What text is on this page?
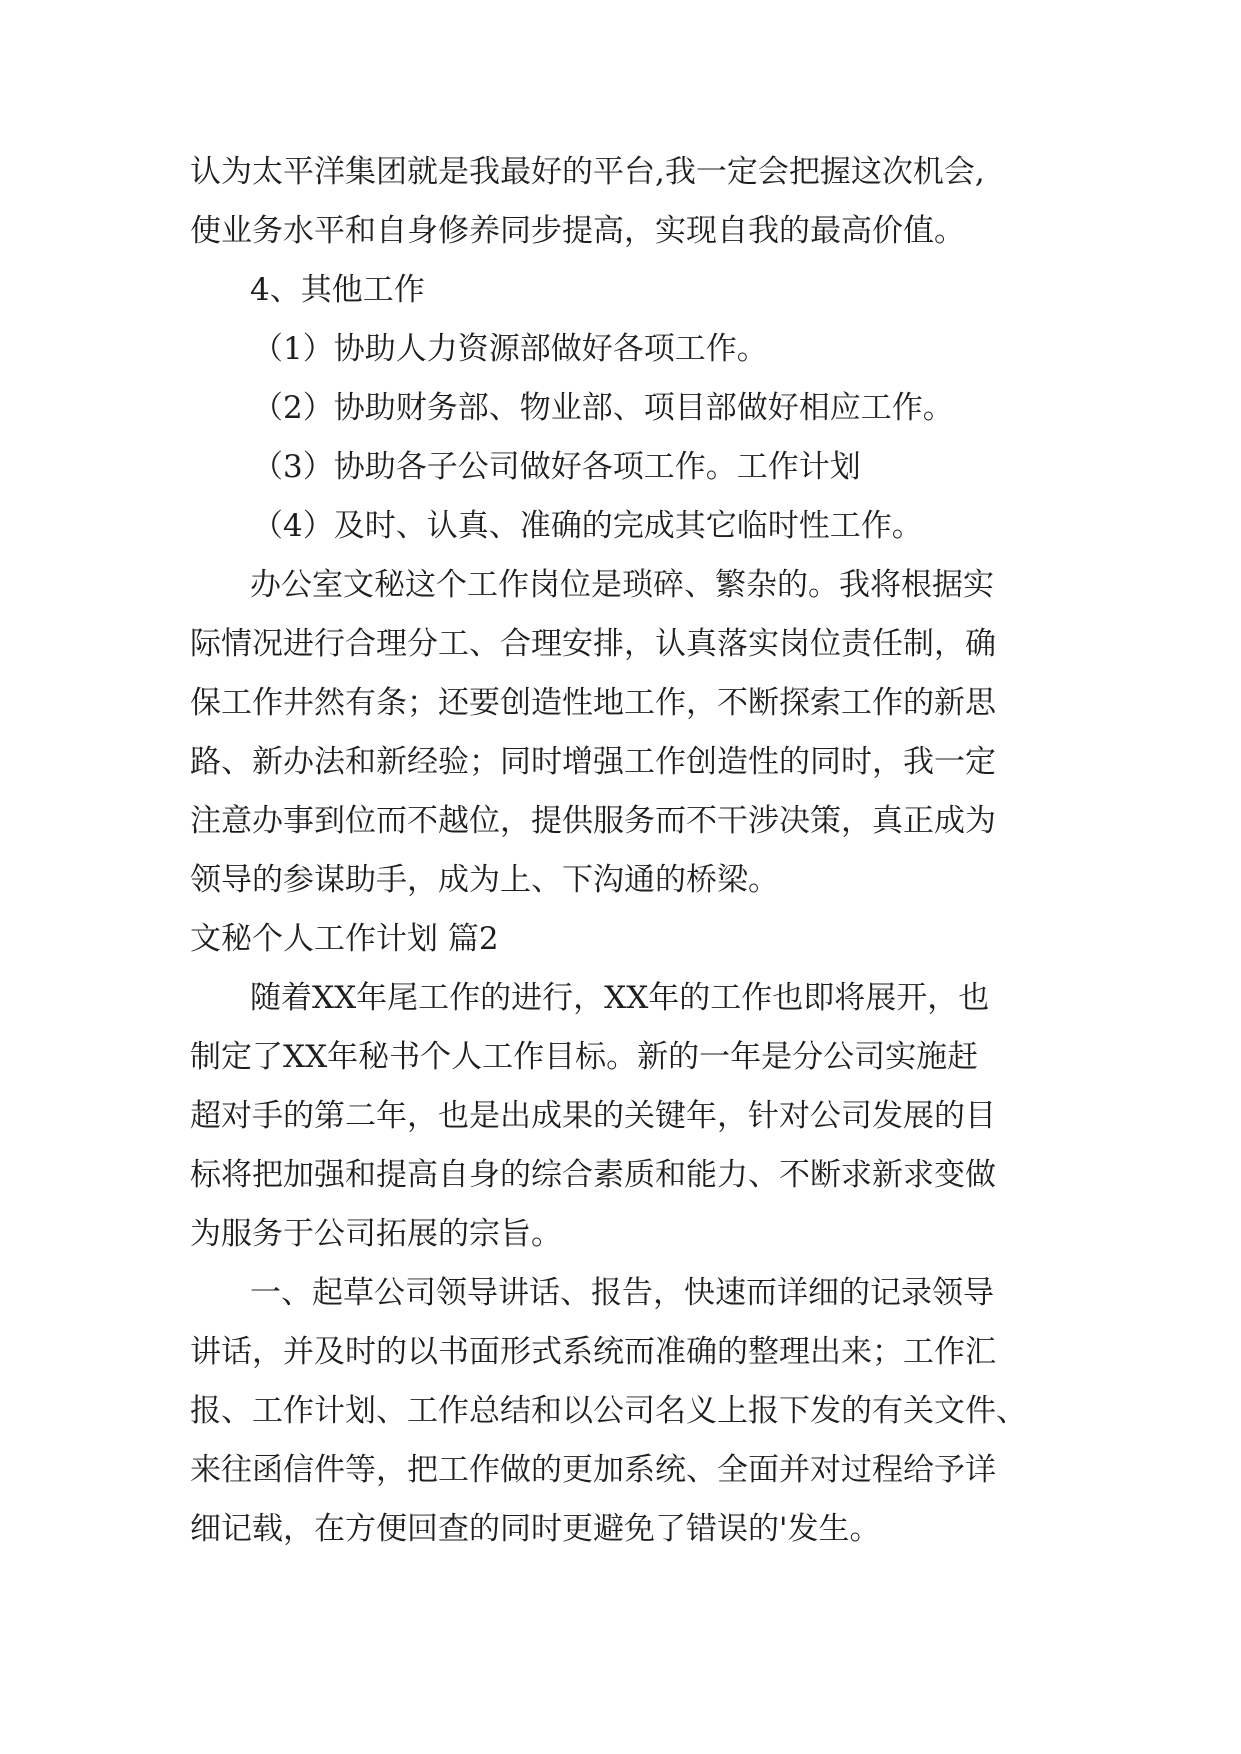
认为太平洋集团就是我最好的平台,我一定会把握这次机会,
使业务水平和自身修养同步提高，实现自我的最高价值。
4、其他工作
（1）协助人力资源部做好各项工作。
（2）协助财务部、物业部、项目部做好相应工作。
（3）协助各子公司做好各项工作。工作计划
（4）及时、认真、准确的完成其它临时性工作。
办公室文秘这个工作岗位是琐碎、繁杂的。我将根据实
际情况进行合理分工、合理安排，认真落实岗位责任制，确
保工作井然有条；还要创造性地工作，不断探索工作的新思
路、新办法和新经验；同时增强工作创造性的同时，我一定
注意办事到位而不越位，提供服务而不干涉决策，真正成为
领导的参谋助手，成为上、下沟通的桥梁。
文秘个人工作计划 篇2
随着XX年尾工作的进行，XX年的工作也即将展开，也
制定了XX年秘书个人工作目标。新的一年是分公司实施赶
超对手的第二年，也是出成果的关键年，针对公司发展的目
标将把加强和提高自身的综合素质和能力、不断求新求变做
为服务于公司拓展的宗旨。
一、起草公司领导讲话、报告，快速而详细的记录领导
讲话，并及时的以书面形式系统而准确的整理出来；工作汇
报、工作计划、工作总结和以公司名义上报下发的有关文件、
来往函信件等，把工作做的更加系统、全面并对过程给予详
细记载，在方便回查的同时更避免了错误的'发生。
